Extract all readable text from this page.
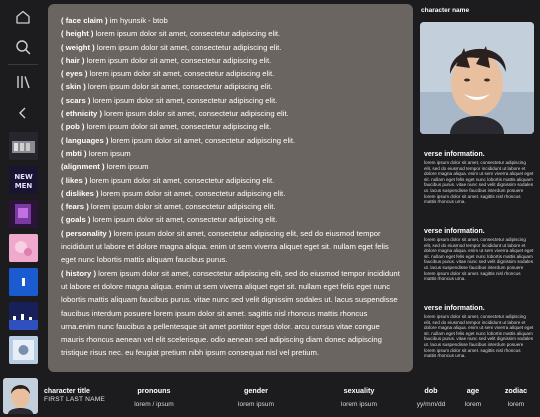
NEW
MEN
( face claim ) im hyunsik - btob
( height ) lorem ipsum dolor sit amet, consectetur adipiscing elit.
( weight ) lorem ipsum dolor sit amet, consectetur adipiscing elit.
( hair ) lorem ipsum dolor sit amet, consectetur adipiscing elit.
( eyes ) lorem ipsum dolor sit amet, consectetur adipiscing elit.
( skin ) lorem ipsum dolor sit amet, consectetur adipiscing elit.
( scars ) lorem ipsum dolor sit amet, consectetur adipiscing elit.
( ethnicity ) lorem ipsum dolor sit amet, consectetur adipiscing elit.
( pob ) lorem ipsum dolor sit amet, consectetur adipiscing elit.
( languages ) lorem ipsum dolor sit amet, consectetur adipiscing elit.
( mbti ) lorem ipsum
(alignment ) lorem ipsum
( likes ) lorem ipsum dolor sit amet, consectetur adipiscing elit.
( dislikes ) lorem ipsum dolor sit amet, consectetur adipiscing elit.
( fears ) lorem ipsum dolor sit amet, consectetur adipiscing elit.
( goals ) lorem ipsum dolor sit amet, consectetur adipiscing elit.
( personality ) lorem ipsum dolor sit amet, consectetur adipiscing elit, sed do eiusmod tempor incididunt ut labore et dolore magna aliqua. enim ut sem viverra aliquet eget sit. nullam eget felis eget nunc lobortis mattis aliquam faucibus purus.
( history ) lorem ipsum dolor sit amet, consectetur adipiscing elit, sed do eiusmod tempor incididunt ut labore et dolore magna aliqua. enim ut sem viverra aliquet eget sit. nullam eget felis eget nunc lobortis mattis aliquam faucibus purus. vitae nunc sed velit dignissim sodales ut. lacus suspendisse faucibus interdum posuere lorem ipsum dolor sit amet. sagittis nisl rhoncus mattis rhoncus urna.enim nunc faucibus a pellentesque sit amet porttitor eget dolor. arcu cursus vitae congue mauris rhoncus aenean vel elit scelerisque. odio aenean sed adipiscing diam donec adipiscing tristique risus nec. eu feugiat pretium nibh ipsum consequat nisl vel pretium.
character name
verse information.
lorem ipsum dolor sit amet, consectetur adipiscing elit, sed do eiusmod tempor incididunt ut labore et dolore magna aliqua. enim ut sem viverra aliquet eget sit. nullam eget felis eget nunc lobortis mattis aliquam faucibus purus. vitae nunc sed velit dignissim sodales ut. lacus suspendisse faucibus interdum posuere lorem ipsum dolor sit amet. sagittis nisl rhoncus mattis rhoncus urna.
verse information.
lorem ipsum dolor sit amet, consectetur adipiscing elit, sed do eiusmod tempor incididunt ut labore et dolore magna aliqua. enim ut sem viverra aliquet eget sit. nullam eget felis eget nunc lobortis mattis aliquam faucibus purus. vitae nunc sed velit dignissim sodales ut. lacus suspendisse faucibus interdum posuere lorem ipsum dolor sit amet. sagittis nisl rhoncus mattis rhoncus urna.
verse information.
lorem ipsum dolor sit amet, consectetur adipiscing elit, sed do eiusmod tempor incididunt ut labore et dolore magna aliqua. enim ut sem viverra aliquet eget sit. nullam eget felis eget nunc lobortis mattis aliquam faucibus purus. vitae nunc sed velit dignissim sodales ut. lacus suspendisse faucibus interdum posuere lorem ipsum dolor sit amet. sagittis nisl rhoncus mattis rhoncus urna.
character title
FIRST LAST NAME
pronouns
lorem / ipsum
gender
lorem ipsum
sexuality
lorem ipsum
dob
yy/mm/dd
age
lorem
zodiac
lorem
